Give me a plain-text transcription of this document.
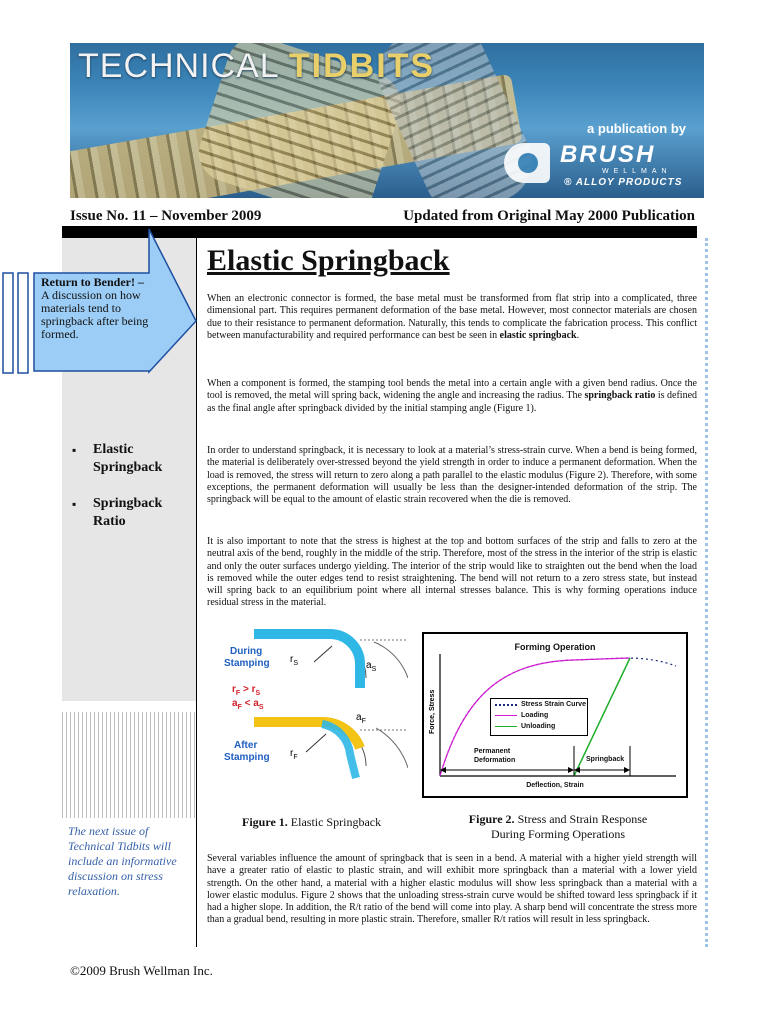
TECHNICAL TIDBITS
a publication by
BRUSH
WELLMAN
® ALLOY PRODUCTS
Issue No. 11 – November 2009	Updated from Original May 2000 Publication
Return to Bender! –
A discussion on how materials tend to springback after being formed.
▪ Elastic Springback
▪ Springback Ratio
The next issue of Technical Tidbits will include an informative discussion on stress relaxation.
Elastic Springback

When an electronic connector is formed, the base metal must be transformed from flat strip into a complicated, three dimensional part. This requires permanent deformation of the base metal. However, most connector materials are chosen due to their resistance to permanent deformation. Naturally, this tends to complicate the fabrication process. This conflict between manufacturability and required performance can best be seen in elastic springback.

When a component is formed, the stamping tool bends the metal into a certain angle with a given bend radius. Once the tool is removed, the metal will spring back, widening the angle and increasing the radius. The springback ratio is defined as the final angle after springback divided by the initial stamping angle (Figure 1).

In order to understand springback, it is necessary to look at a material’s stress-strain curve. When a bend is being formed, the material is deliberately over-stressed beyond the yield strength in order to induce a permanent deformation. When the load is removed, the stress will return to zero along a path parallel to the elastic modulus (Figure 2). Therefore, with some exceptions, the permanent deformation will usually be less than the designer-intended deformation of the strip. The springback will be equal to the amount of elastic strain recovered when the die is removed.

It is also important to note that the stress is highest at the top and bottom surfaces of the strip and falls to zero at the neutral axis of the bend, roughly in the middle of the strip. Therefore, most of the stress in the interior of the strip is elastic and only the outer surfaces undergo yielding. The interior of the strip would like to straighten out the bend when the load is removed while the outer edges tend to resist straightening. The bend will not return to a zero stress state, but instead will spring back to an equilibrium point where all internal stresses balance. This is why forming operations induce residual stress in the material.

During
Stamping $r_S$	$a_S$
$r_F > r_S$
$a_F < a_S$
After
Stamping $r_F$
$a_F$	Force, Stress
Forming Operation
Stress Strain Curve
Loading
Unloading
Permanent
Deformation	Springback
Deflection, Strain
Figure 1. Elastic Springback	Figure 2. Stress and Strain Response
During Forming Operations

Several variables influence the amount of springback that is seen in a bend. A material with a higher yield strength will have a greater ratio of elastic to plastic strain, and will exhibit more springback than a material with a lower yield strength. On the other hand, a material with a higher elastic modulus will show less springback than a material with a lower elastic modulus. Figure 2 shows that the unloading stress-strain curve would be shifted toward less springback if it had a higher slope. In addition, the R/t ratio of the bend will come into play. A sharp bend will concentrate the stress more than a gradual bend, resulting in more plastic strain. Therefore, smaller R/t ratios will result in less springback.

©2009 Brush Wellman Inc.
